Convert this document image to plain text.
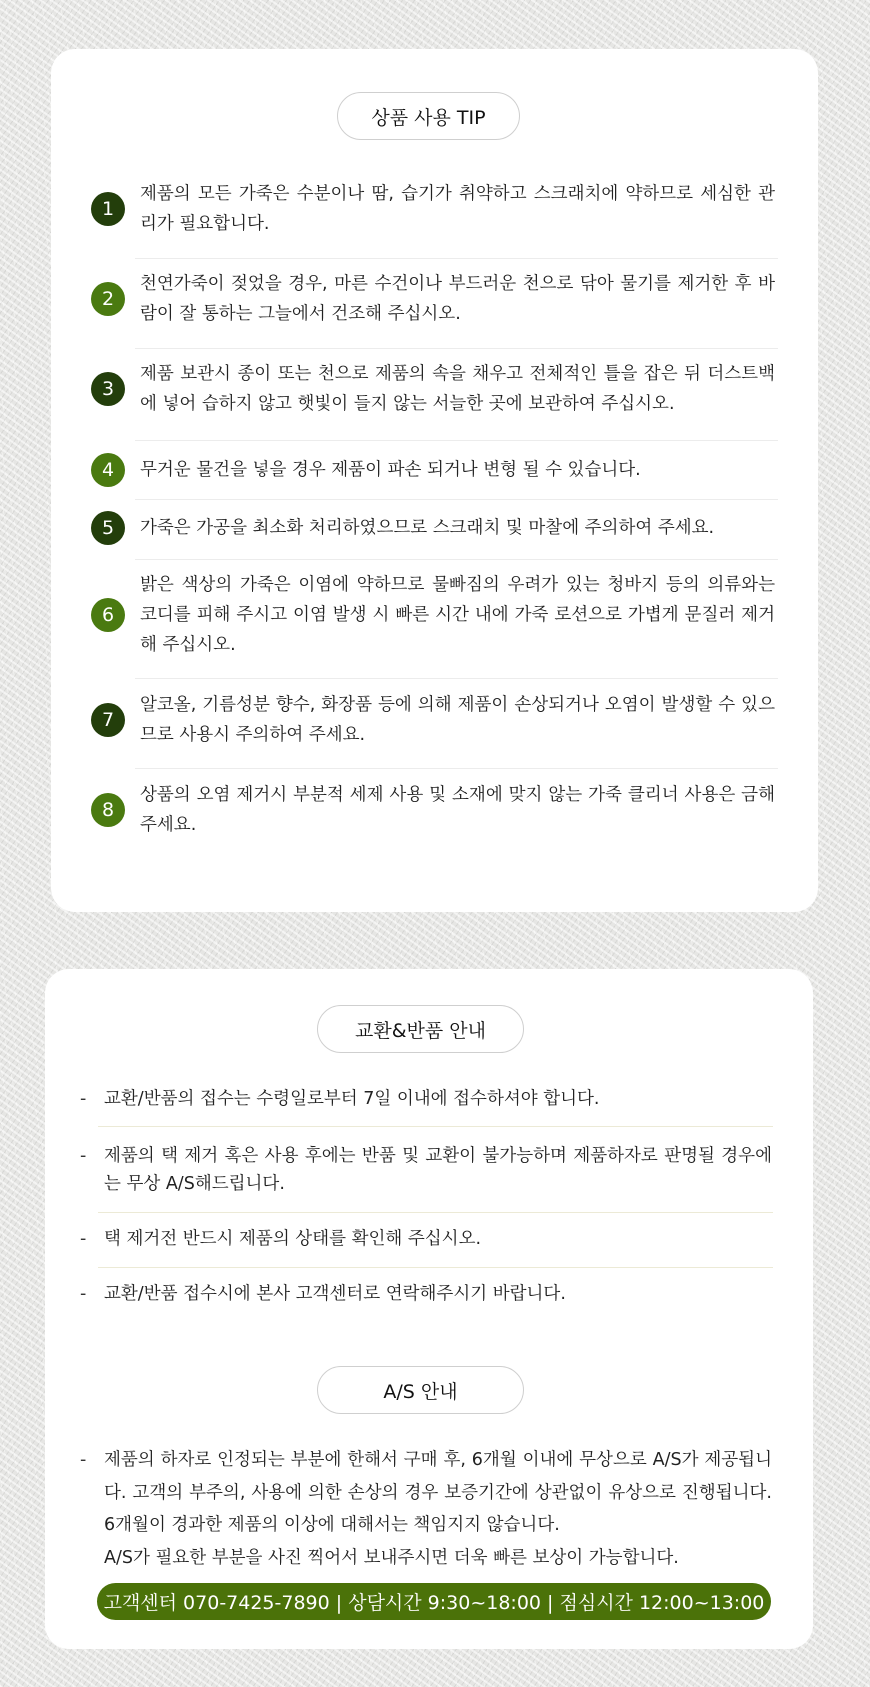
상품 사용 TIP
1
제품의 모든 가죽은 수분이나 땀, 습기가 취약하고 스크래치에 약하므로 세심한 관리가 필요합니다.
2
천연가죽이 젖었을 경우, 마른 수건이나 부드러운 천으로 닦아 물기를 제거한 후 바람이 잘 통하는 그늘에서 건조해 주십시오.
3
제품 보관시 종이 또는 천으로 제품의 속을 채우고 전체적인 틀을 잡은 뒤 더스트백에 넣어 습하지 않고 햇빛이 들지 않는 서늘한 곳에 보관하여 주십시오.
4	무거운 물건을 넣을 경우 제품이 파손 되거나 변형 될 수 있습니다.
5	가죽은 가공을 최소화 처리하였으므로 스크래치 및 마찰에 주의하여 주세요.
6
밝은 색상의 가죽은 이염에 약하므로 물빠짐의 우려가 있는 청바지 등의 의류와는 코디를 피해 주시고 이염 발생 시 빠른 시간 내에 가죽 로션으로 가볍게 문질러 제거해 주십시오.
7
알코올, 기름성분 향수, 화장품 등에 의해 제품이 손상되거나 오염이 발생할 수 있으므로 사용시 주의하여 주세요.
8
상품의 오염 제거시 부분적 세제 사용 및 소재에 맞지 않는 가죽 클리너 사용은 금해 주세요.
교환&반품 안내
-	교환/반품의 접수는 수령일로부터 7일 이내에 접수하셔야 합니다.
-	제품의 택 제거 혹은 사용 후에는 반품 및 교환이 불가능하며 제품하자로 판명될 경우에는 무상 A/S해드립니다.
-	택 제거전 반드시 제품의 상태를 확인해 주십시오.
-	교환/반품 접수시에 본사 고객센터로 연락해주시기 바랍니다.
A/S 안내
-	제품의 하자로 인정되는 부분에 한해서 구매 후, 6개월 이내에 무상으로 A/S가 제공됩니다. 고객의 부주의, 사용에 의한 손상의 경우 보증기간에 상관없이 유상으로 진행됩니다. 6개월이 경과한 제품의 이상에 대해서는 책임지지 않습니다.
A/S가 필요한 부분을 사진 찍어서 보내주시면 더욱 빠른 보상이 가능합니다.
고객센터 070-7425-7890 | 상담시간 9:30~18:00 | 점심시간 12:00~13:00
